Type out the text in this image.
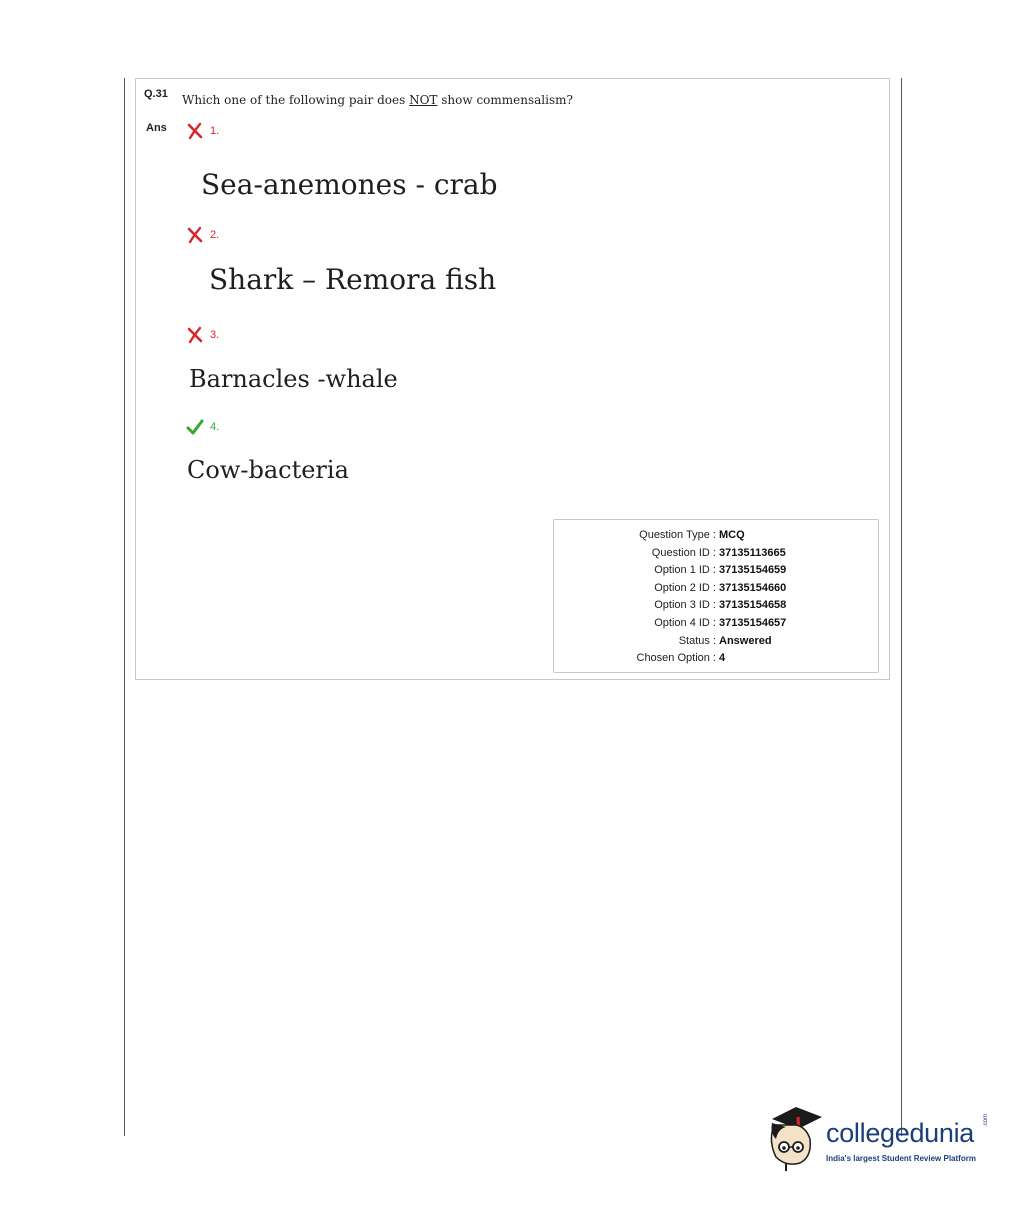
Q.31 Which one of the following pair does NOT show commensalism?
Ans	1.
Sea-anemones - crab
2.
Shark – Remora fish
3.
Barnacles -whale
4.
Cow-bacteria
Question Type : MCQ
Question ID : 37135113665
Option 1 ID : 37135154659
Option 2 ID : 37135154660
Option 3 ID : 37135154658
Option 4 ID : 37135154657
Status : Answered
Chosen Option : 4
collegedunia .com
India's largest Student Review Platform
